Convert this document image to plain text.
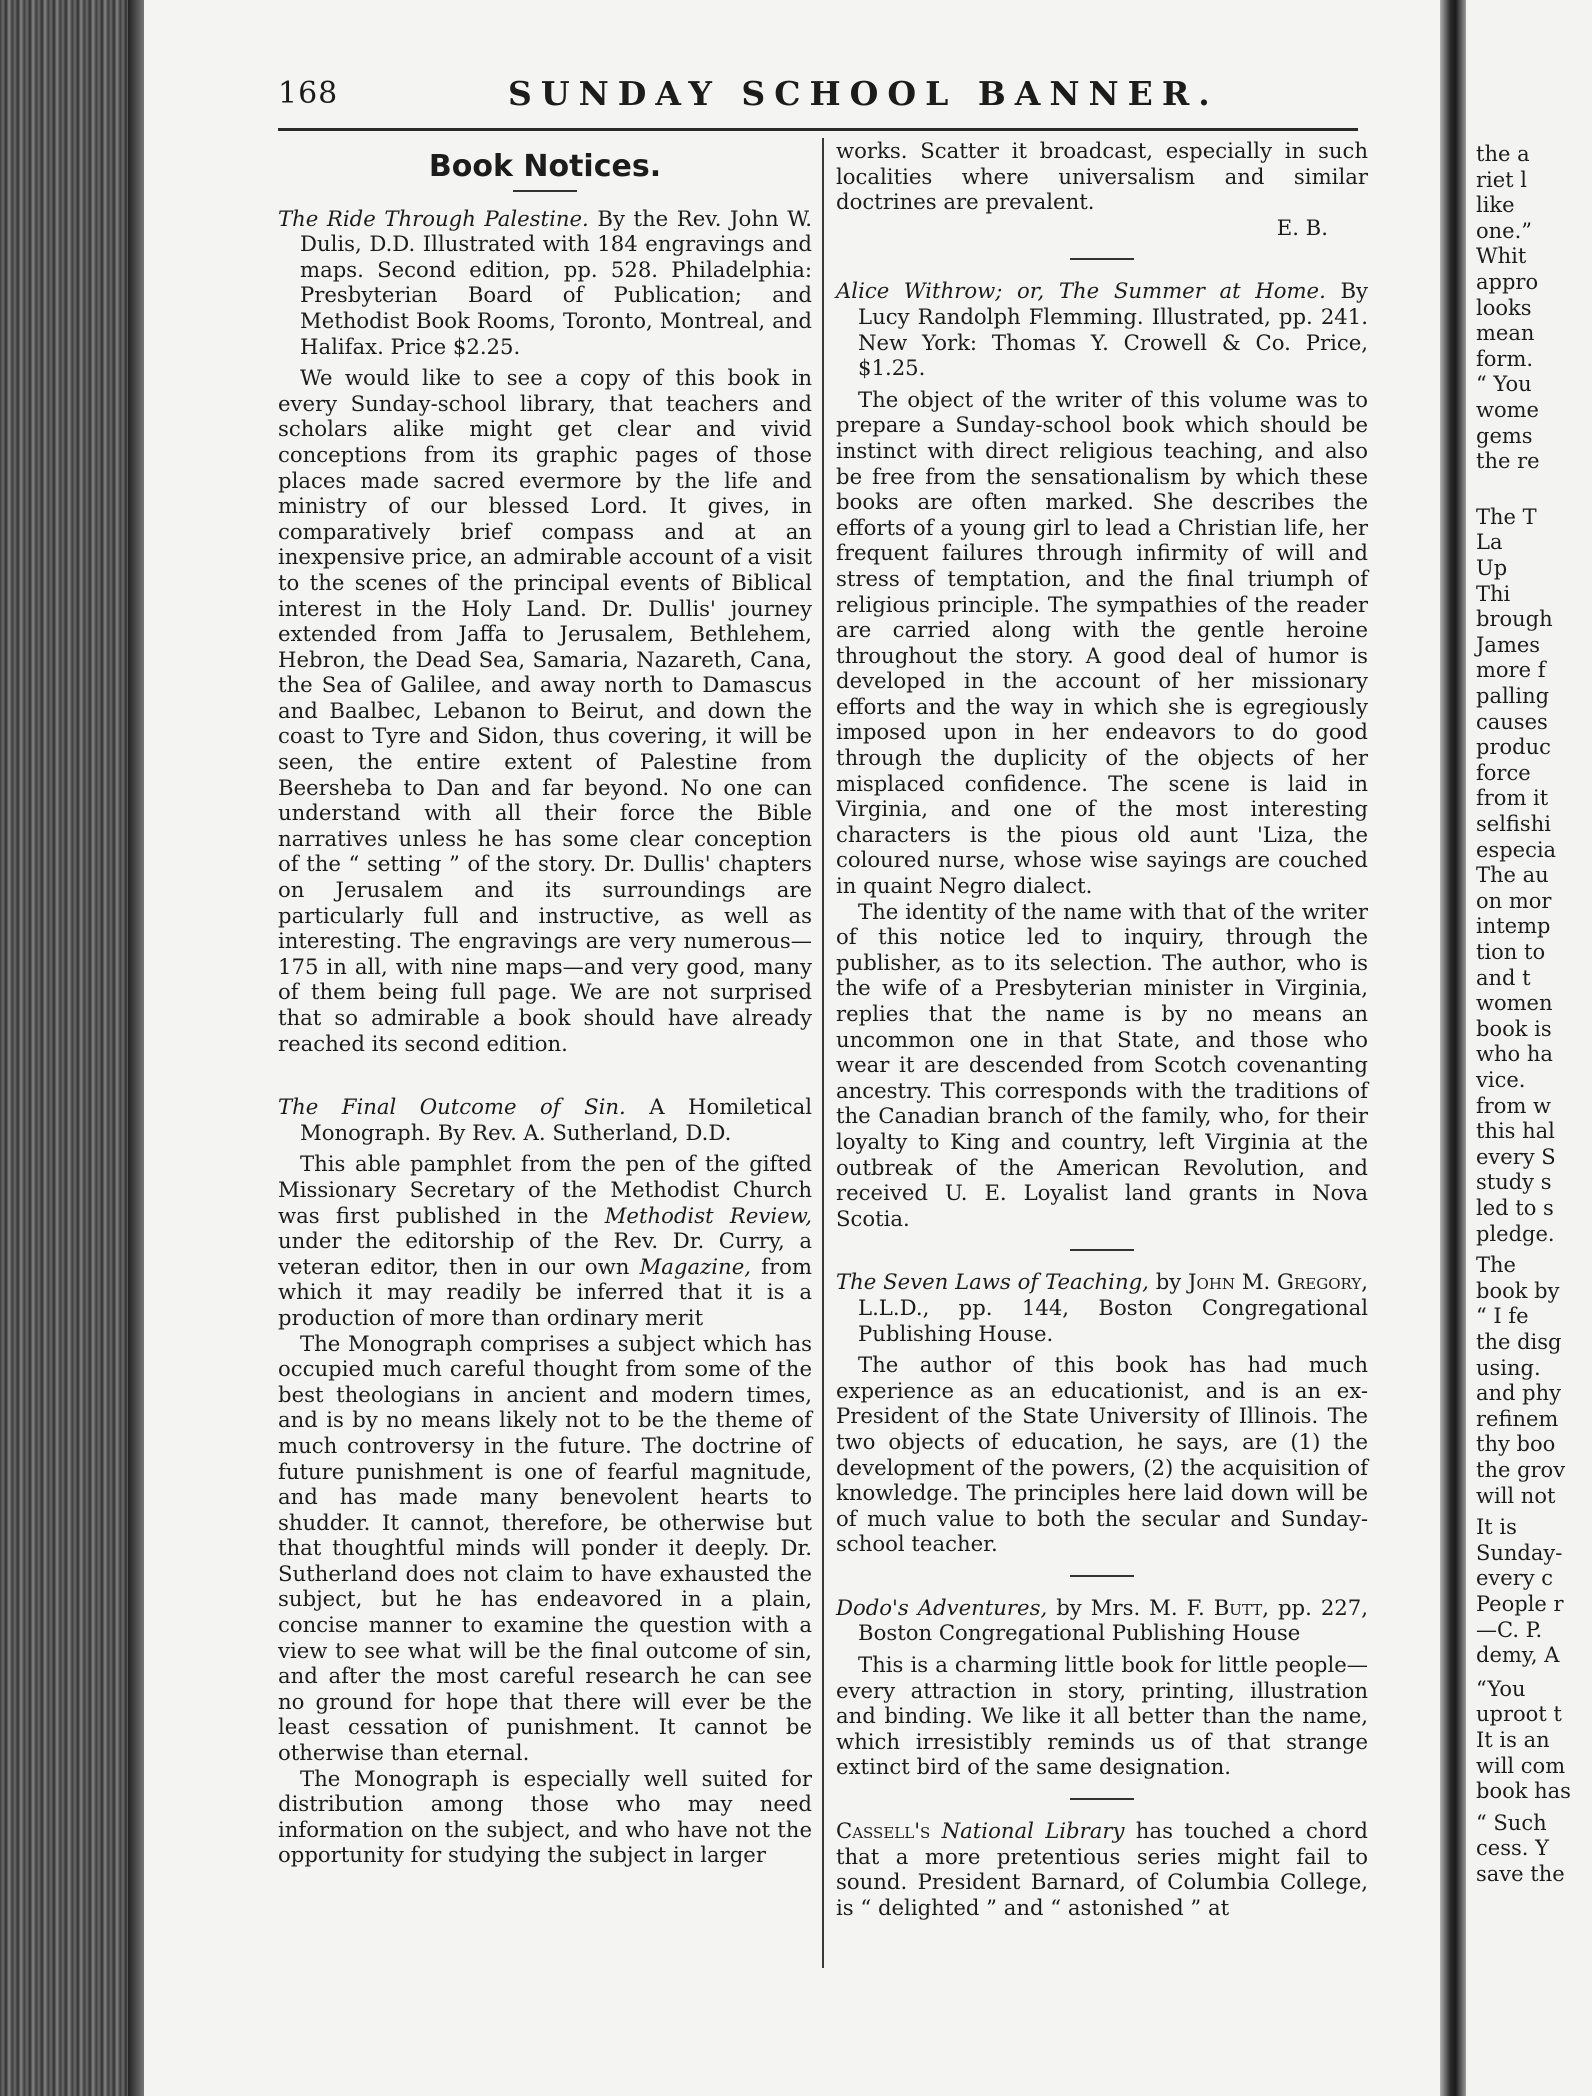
168	SUNDAY SCHOOL BANNER.
Book Notices.

The Ride Through Palestine. By the Rev. John W. Dulis, D.D. Illustrated with 184 engravings and maps. Second edition, pp. 528. Philadelphia: Presbyterian Board of Publication; and Methodist Book Rooms, Toronto, Montreal, and Halifax. Price $2.25.

We would like to see a copy of this book in every Sunday-school library, that teachers and scholars alike might get clear and vivid conceptions from its graphic pages of those places made sacred evermore by the life and ministry of our blessed Lord. It gives, in comparatively brief compass and at an inexpensive price, an admirable account of a visit to the scenes of the principal events of Biblical interest in the Holy Land. Dr. Dullis' journey extended from Jaffa to Jerusalem, Bethlehem, Hebron, the Dead Sea, Samaria, Nazareth, Cana, the Sea of Galilee, and away north to Damascus and Baalbec, Lebanon to Beirut, and down the coast to Tyre and Sidon, thus covering, it will be seen, the entire extent of Palestine from Beersheba to Dan and far beyond. No one can understand with all their force the Bible narratives unless he has some clear conception of the “ setting ” of the story. Dr. Dullis' chapters on Jerusalem and its surroundings are particularly full and instructive, as well as interesting. The engravings are very numerous—175 in all, with nine maps—and very good, many of them being full page. We are not surprised that so admirable a book should have already reached its second edition.

The Final Outcome of Sin. A Homiletical Monograph. By Rev. A. Sutherland, D.D.

This able pamphlet from the pen of the gifted Missionary Secretary of the Methodist Church was first published in the Methodist Review, under the editorship of the Rev. Dr. Curry, a veteran editor, then in our own Magazine, from which it may readily be inferred that it is a production of more than ordinary merit

The Monograph comprises a subject which has occupied much careful thought from some of the best theologians in ancient and modern times, and is by no means likely not to be the theme of much controversy in the future. The doctrine of future punishment is one of fearful magnitude, and has made many benevolent hearts to shudder. It cannot, therefore, be otherwise but that thoughtful minds will ponder it deeply. Dr. Sutherland does not claim to have exhausted the subject, but he has endeavored in a plain, concise manner to examine the question with a view to see what will be the final outcome of sin, and after the most careful research he can see no ground for hope that there will ever be the least cessation of punishment. It cannot be otherwise than eternal.

The Monograph is especially well suited for distribution among those who may need information on the subject, and who have not the opportunity for studying the subject in larger

works. Scatter it broadcast, especially in such localities where universalism and similar doctrines are prevalent.

E. B.

Alice Withrow; or, The Summer at Home. By Lucy Randolph Flemming. Illustrated, pp. 241. New York: Thomas Y. Crowell & Co. Price, $1.25.

The object of the writer of this volume was to prepare a Sunday-school book which should be instinct with direct religious teaching, and also be free from the sensationalism by which these books are often marked. She describes the efforts of a young girl to lead a Christian life, her frequent failures through infirmity of will and stress of temptation, and the final triumph of religious principle. The sympathies of the reader are carried along with the gentle heroine throughout the story. A good deal of humor is developed in the account of her missionary efforts and the way in which she is egregiously imposed upon in her endeavors to do good through the duplicity of the objects of her misplaced confidence. The scene is laid in Virginia, and one of the most interesting characters is the pious old aunt 'Liza, the coloured nurse, whose wise sayings are couched in quaint Negro dialect.

The identity of the name with that of the writer of this notice led to inquiry, through the publisher, as to its selection. The author, who is the wife of a Presbyterian minister in Virginia, replies that the name is by no means an uncommon one in that State, and those who wear it are descended from Scotch covenanting ancestry. This corresponds with the traditions of the Canadian branch of the family, who, for their loyalty to King and country, left Virginia at the outbreak of the American Revolution, and received U. E. Loyalist land grants in Nova Scotia.

The Seven Laws of Teaching, by John M. Gregory, L.L.D., pp. 144, Boston Congregational Publishing House.

The author of this book has had much experience as an educationist, and is an ex-President of the State University of Illinois. The two objects of education, he says, are (1) the development of the powers, (2) the acquisition of knowledge. The principles here laid down will be of much value to both the secular and Sunday-school teacher.

Dodo's Adventures, by Mrs. M. F. Butt, pp. 227, Boston Congregational Publishing House

This is a charming little book for little people—every attraction in story, printing, illustration and binding. We like it all better than the name, which irresistibly reminds us of that strange extinct bird of the same designation.

Cassell's National Library has touched a chord that a more pretentious series might fail to sound. President Barnard, of Columbia College, is “ delighted ” and “ astonished ” at

the a
riet l
like
one.”
Whit
appro
looks
mean
form.
“ You
wome
gems
the re
The T
La
Up
Thi
brough
James
more f
palling
causes
produc
force
from it
selfishi
especia
The au
on mor
intemp
tion to
and t
women
book is
who ha
vice.
from w
this hal
every S
study s
led to s
pledge.
The
book by
“ I fe
the disg
using.
and phy
refinem
thy boo
the grov
will not
It is
Sunday-
every c
People r
—C. P.
demy, A
“You
uproot t
It is an
will com
book has
“ Such
cess. Y
save the
